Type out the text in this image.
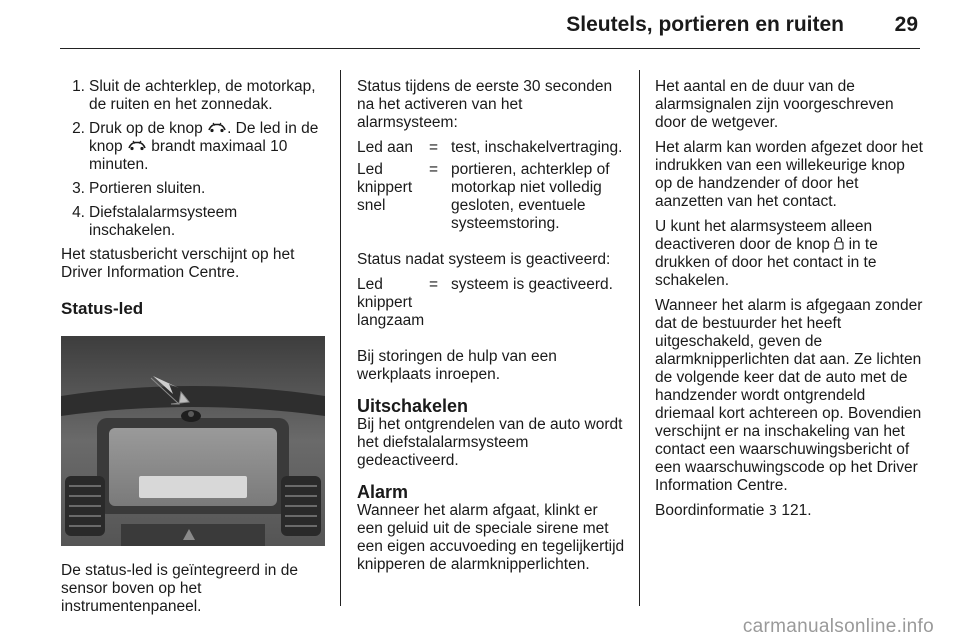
Sleutels, portieren en ruiten 29
1. Sluit de achterklep, de motorkap, de ruiten en het zonnedak.
2. Druk op de knop . De led in de knop brandt maximaal 10 minuten.
3. Portieren sluiten.
4. Diefstalalarmsysteem inschakelen.

Het statusbericht verschijnt op het Driver Information Centre.

Status-led

De status-led is geïntegreerd in de sensor boven op het instrumentenpaneel.

Status tijdens de eerste 30 seconden na het activeren van het alarmsysteem:

Led aan	=	test, inschakelvertraging.
Led knippert snel	=	portieren, achterklep of motorkap niet volledig gesloten, eventuele systeemstoring.

Status nadat systeem is geactiveerd:

Led knippert langzaam	=	systeem is geactiveerd.

Bij storingen de hulp van een werkplaats inroepen.

Uitschakelen

Bij het ontgrendelen van de auto wordt het diefstalalarmsysteem gedeactiveerd.

Alarm

Wanneer het alarm afgaat, klinkt er een geluid uit de speciale sirene met een eigen accuvoeding en tegelijkertijd knipperen de alarmknipperlichten.

Het aantal en de duur van de alarmsignalen zijn voorgeschreven door de wetgever.

Het alarm kan worden afgezet door het indrukken van een willekeurige knop op de handzender of door het aanzetten van het contact.

U kunt het alarmsysteem alleen deactiveren door de knop in te drukken of door het contact in te schakelen.

Wanneer het alarm is afgegaan zonder dat de bestuurder het heeft uitgeschakeld, geven de alarmknipperlichten dat aan. Ze lichten de volgende keer dat de auto met de handzender wordt ontgrendeld driemaal kort achtereen op. Bovendien verschijnt er na inschakeling van het contact een waarschuwingsbericht of een waarschuwingscode op het Driver Information Centre.

Boordinformatie 3 121.

carmanualsonline.info
